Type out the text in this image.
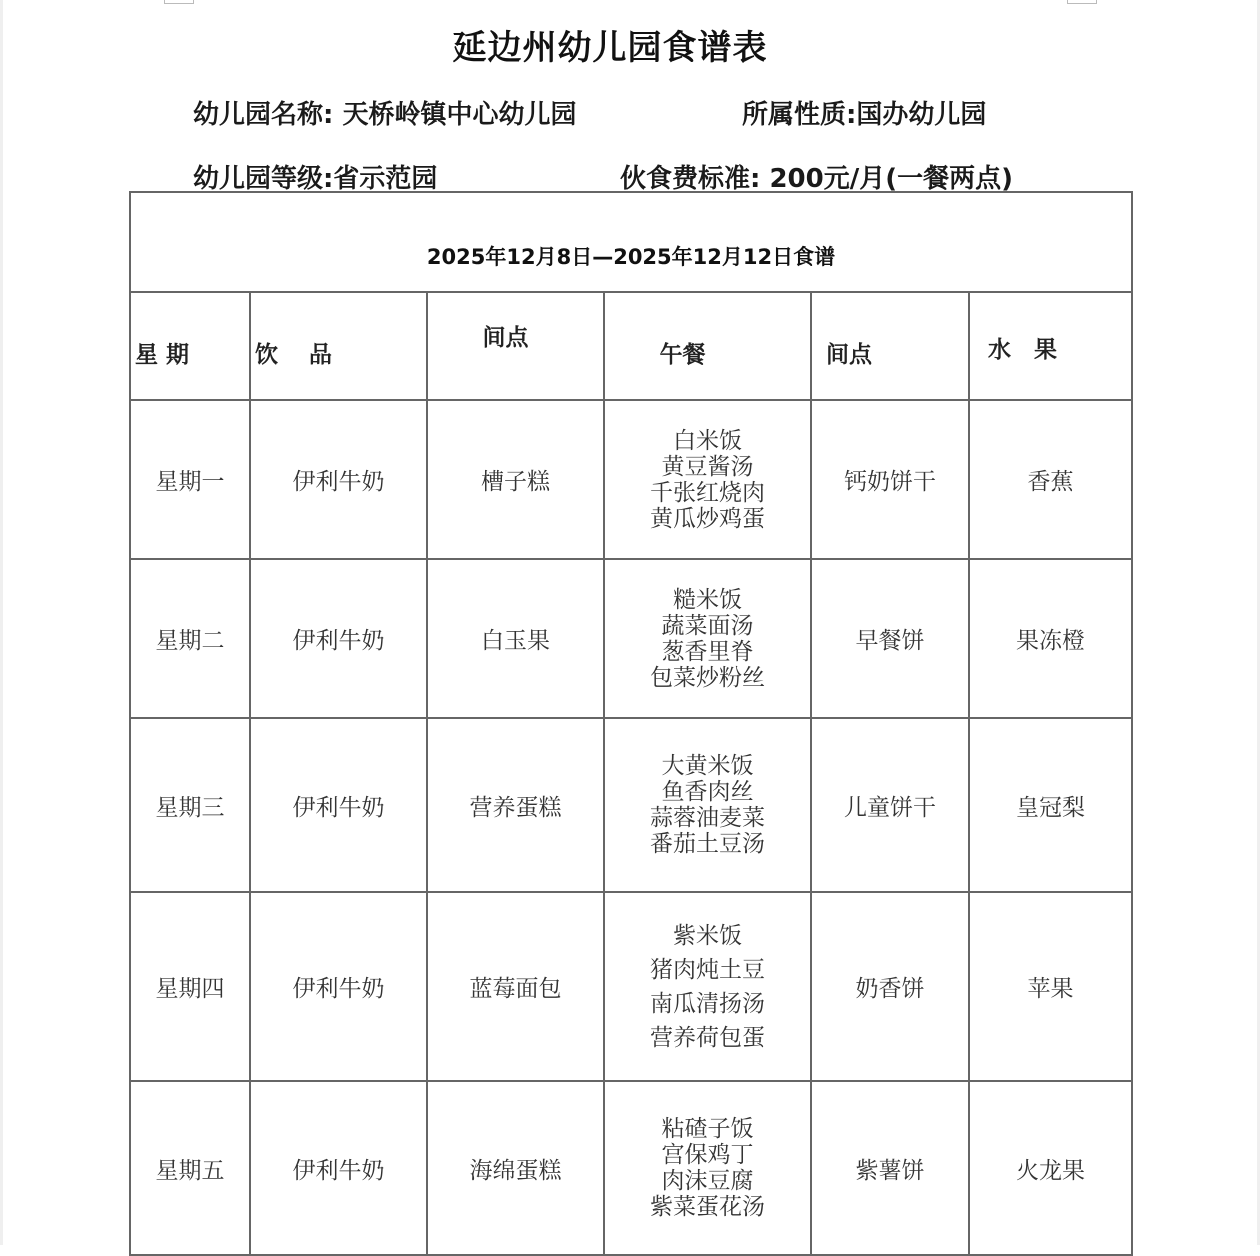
延边州幼儿园食谱表
幼儿园名称: 天桥岭镇中心幼儿园	所属性质:国办幼儿园
幼儿园等级:省示范园	伙食费标准: 200元/月(一餐两点)
2025年12月8日—2025年12月12日食谱					
星 期	饮　 品	间点	午餐	间点	水　果
星期一	伊利牛奶	槽子糕	白米饭
黄豆酱汤
千张红烧肉
黄瓜炒鸡蛋	钙奶饼干	香蕉
星期二	伊利牛奶	白玉果	糙米饭
蔬菜面汤
葱香里脊
包菜炒粉丝	早餐饼	果冻橙
星期三	伊利牛奶	营养蛋糕	大黄米饭
鱼香肉丝
蒜蓉油麦菜
番茄土豆汤	儿童饼干	皇冠梨
星期四	伊利牛奶	蓝莓面包	紫米饭
猪肉炖土豆
南瓜清扬汤
营养荷包蛋	奶香饼	苹果
星期五	伊利牛奶	海绵蛋糕	粘碴子饭
宫保鸡丁
肉沫豆腐
紫菜蛋花汤	紫薯饼	火龙果
